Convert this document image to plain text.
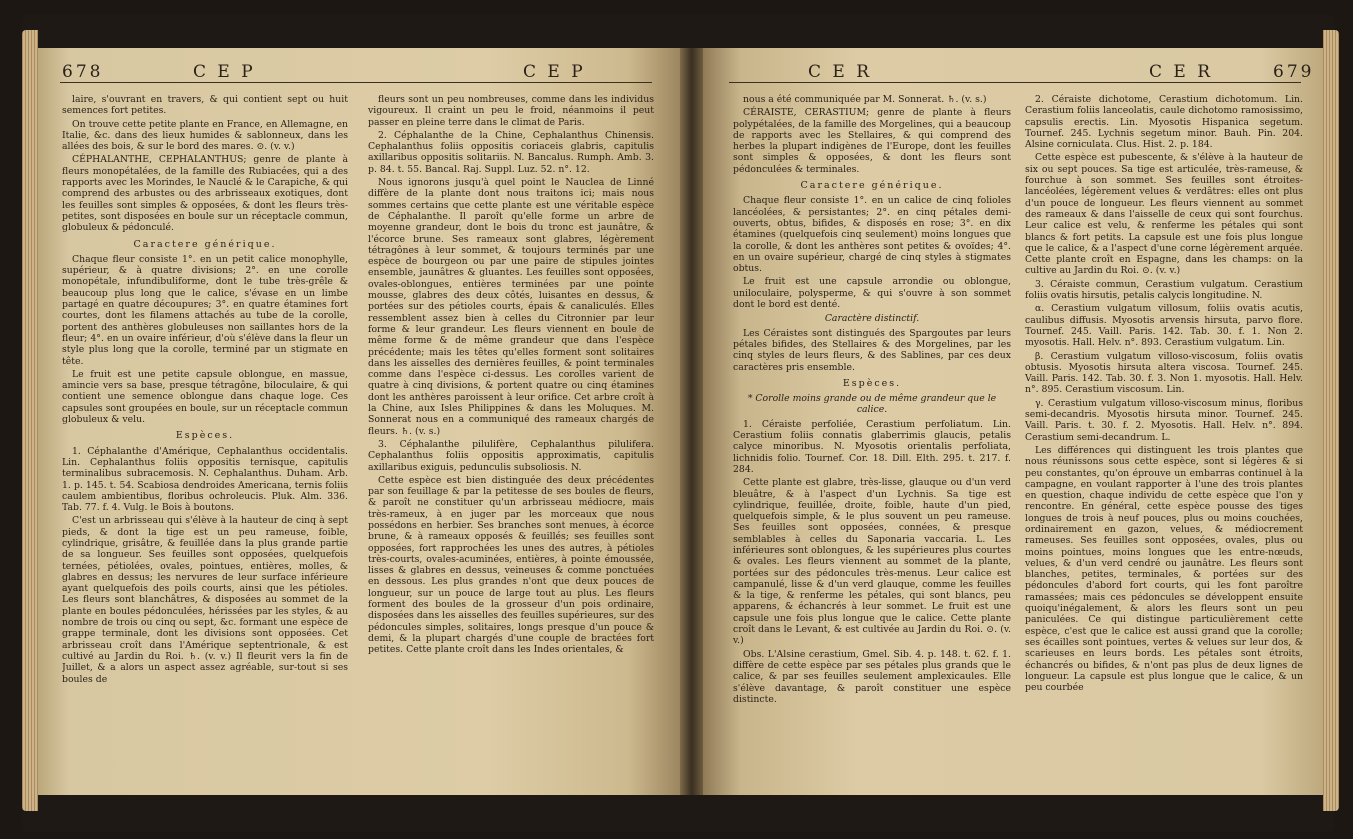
678	C E P	C E P

laire, s'ouvrant en travers, & qui contient sept ou huit semences fort petites.

On trouve cette petite plante en France, en Allemagne, en Italie, &c. dans des lieux humides & sablonneux, dans les allées des bois, & sur le bord des mares. ⊙. (v. v.)

CÉPHALANTHE, CEPHALANTHUS; genre de plante à fleurs monopétalées, de la famille des Rubiacées, qui a des rapports avec les Morindes, le Nauclé & le Carapiche, & qui comprend des arbustes ou des arbrisseaux exotiques, dont les feuilles sont simples & opposées, & dont les fleurs très-petites, sont disposées en boule sur un réceptacle commun, globuleux & pédonculé.

Caractere générique.

Chaque fleur consiste 1°. en un petit calice monophylle, supérieur, & à quatre divisions; 2°. en une corolle monopétale, infundibuliforme, dont le tube très-grêle & beaucoup plus long que le calice, s'évase en un limbe partagé en quatre découpures; 3°. en quatre étamines fort courtes, dont les filamens attachés au tube de la corolle, portent des anthères globuleuses non saillantes hors de la fleur; 4°. en un ovaire inférieur, d'où s'élève dans la fleur un style plus long que la corolle, terminé par un stigmate en tête.

Le fruit est une petite capsule oblongue, en massue, amincie vers sa base, presque tétragône, biloculaire, & qui contient une semence oblongue dans chaque loge. Ces capsules sont groupées en boule, sur un réceptacle commun globuleux & velu.

Espèces.

1. Céphalanthe d'Amérique, Cephalanthus occidentalis. Lin. Cephalanthus foliis oppositis ternisque, capitulis terminalibus subracemosis. N. Cephalanthus. Duham. Arb. 1. p. 145. t. 54. Scabiosa dendroides Americana, ternis foliis caulem ambientibus, floribus ochroleucis. Pluk. Alm. 336. Tab. 77. f. 4. Vulg. le Bois à boutons.

C'est un arbrisseau qui s'élève à la hauteur de cinq à sept pieds, & dont la tige est un peu rameuse, foible, cylindrique, grisâtre, & feuillée dans la plus grande partie de sa longueur. Ses feuilles sont opposées, quelquefois ternées, pétiolées, ovales, pointues, entières, molles, & glabres en dessus; les nervures de leur surface inférieure ayant quelquefois des poils courts, ainsi que les pétioles. Les fleurs sont blanchâtres, & disposées au sommet de la plante en boules pédonculées, hérissées par les styles, & au nombre de trois ou cinq ou sept, &c. formant une espèce de grappe terminale, dont les divisions sont opposées. Cet arbrisseau croît dans l'Amérique septentrionale, & est cultivé au Jardin du Roi. ♄. (v. v.) Il fleurit vers la fin de Juillet, & a alors un aspect assez agréable, sur-tout si ses boules de

fleurs sont un peu nombreuses, comme dans les individus vigoureux. Il craint un peu le froid, néanmoins il peut passer en pleine terre dans le climat de Paris.

2. Céphalanthe de la Chine, Cephalanthus Chinensis. Cephalanthus foliis oppositis coriaceis glabris, capitulis axillaribus oppositis solitariis. N. Bancalus. Rumph. Amb. 3. p. 84. t. 55. Bancal. Raj. Suppl. Luz. 52. n°. 12.

Nous ignorons jusqu'à quel point le Nauclea de Linné diffère de la plante dont nous traitons ici; mais nous sommes certains que cette plante est une véritable espèce de Céphalanthe. Il paroît qu'elle forme un arbre de moyenne grandeur, dont le bois du tronc est jaunâtre, & l'écorce brune. Ses rameaux sont glabres, légèrement tétragônes à leur sommet, & toujours terminés par une espèce de bourgeon ou par une paire de stipules jointes ensemble, jaunâtres & gluantes. Les feuilles sont opposées, ovales-oblongues, entières terminées par une pointe mousse, glabres des deux côtés, luisantes en dessus, & portées sur des pétioles courts, épais & canaliculés. Elles ressemblent assez bien à celles du Citronnier par leur forme & leur grandeur. Les fleurs viennent en boule de même forme & de même grandeur que dans l'espèce précédente; mais les têtes qu'elles forment sont solitaires dans les aisselles des dernières feuilles, & point terminales comme dans l'espèce ci-dessus. Les corolles varient de quatre à cinq divisions, & portent quatre ou cinq étamines dont les anthères paroissent à leur orifice. Cet arbre croît à la Chine, aux Isles Philippines & dans les Moluques. M. Sonnerat nous en a communiqué des rameaux chargés de fleurs. ♄. (v. s.)

3. Céphalanthe pilulifère, Cephalanthus pilulifera. Cephalanthus foliis oppositis approximatis, capitulis axillaribus exiguis, pedunculis subsoliosis. N.

Cette espèce est bien distinguée des deux précédentes par son feuillage & par la petitesse de ses boules de fleurs, & paroît ne constituer qu'un arbrisseau médiocre, mais très-rameux, à en juger par les morceaux que nous possédons en herbier. Ses branches sont menues, à écorce brune, & à rameaux opposés & feuillés; ses feuilles sont opposées, fort rapprochées les unes des autres, à pétioles très-courts, ovales-acuminées, entières, à pointe émoussée, lisses & glabres en dessus, veineuses & comme ponctuées en dessous. Les plus grandes n'ont que deux pouces de longueur, sur un pouce de large tout au plus. Les fleurs forment des boules de la grosseur d'un pois ordinaire, disposées dans les aisselles des feuilles supérieures, sur des pédoncules simples, solitaires, longs presque d'un pouce & demi, & la plupart chargés d'une couple de bractées fort petites. Cette plante croît dans les Indes orientales, &

C E R	C E R	679

nous a été communiquée par M. Sonnerat. ♄. (v. s.)

CÉRAISTE, CERASTIUM; genre de plante à fleurs polypétalées, de la famille des Morgelines, qui a beaucoup de rapports avec les Stellaires, & qui comprend des herbes la plupart indigènes de l'Europe, dont les feuilles sont simples & opposées, & dont les fleurs sont pédonculées & terminales.

Caractere générique.

Chaque fleur consiste 1°. en un calice de cinq folioles lancéolées, & persistantes; 2°. en cinq pétales demi-ouverts, obtus, bifides, & disposés en rose; 3°. en dix étamines (quelquefois cinq seulement) moins longues que la corolle, & dont les anthères sont petites & ovoïdes; 4°. en un ovaire supérieur, chargé de cinq styles à stigmates obtus.

Le fruit est une capsule arrondie ou oblongue, uniloculaire, polysperme, & qui s'ouvre à son sommet dont le bord est denté.

Caractère distinctif.

Les Céraistes sont distingués des Spargoutes par leurs pétales bifides, des Stellaires & des Morgelines, par les cinq styles de leurs fleurs, & des Sablines, par ces deux caractères pris ensemble.

Espèces.

* Corolle moins grande ou de même grandeur que le calice.

1. Céraiste perfoliée, Cerastium perfoliatum. Lin. Cerastium foliis connatis glaberrimis glaucis, petalis calyce minoribus. N. Myosotis orientalis perfoliata, lichnidis folio. Tournef. Cor. 18. Dill. Elth. 295. t. 217. f. 284.

Cette plante est glabre, très-lisse, glauque ou d'un verd bleuâtre, & à l'aspect d'un Lychnis. Sa tige est cylindrique, feuillée, droite, foible, haute d'un pied, quelquefois simple, & le plus souvent un peu rameuse. Ses feuilles sont opposées, connées, & presque semblables à celles du Saponaria vaccaria. L. Les inférieures sont oblongues, & les supérieures plus courtes & ovales. Les fleurs viennent au sommet de la plante, portées sur des pédoncules très-menus. Leur calice est campanulé, lisse & d'un verd glauque, comme les feuilles & la tige, & renferme les pétales, qui sont blancs, peu apparens, & échancrés à leur sommet. Le fruit est une capsule une fois plus longue que le calice. Cette plante croît dans le Levant, & est cultivée au Jardin du Roi. ⊙. (v. v.)

Obs. L'Alsine cerastium, Gmel. Sib. 4. p. 148. t. 62. f. 1. diffère de cette espèce par ses pétales plus grands que le calice, & par ses feuilles seulement amplexicaules. Elle s'élève davantage, & paroît constituer une espèce distincte.

2. Céraiste dichotome, Cerastium dichotomum. Lin. Cerastium foliis lanceolatis, caule dichotomo ramosissimo, capsulis erectis. Lin. Myosotis Hispanica segetum. Tournef. 245. Lychnis segetum minor. Bauh. Pin. 204. Alsine corniculata. Clus. Hist. 2. p. 184.

Cette espèce est pubescente, & s'élève à la hauteur de six ou sept pouces. Sa tige est articulée, très-rameuse, & fourchue à son sommet. Ses feuilles sont étroites-lancéolées, légèrement velues & verdâtres: elles ont plus d'un pouce de longueur. Les fleurs viennent au sommet des rameaux & dans l'aisselle de ceux qui sont fourchus. Leur calice est velu, & renferme les pétales qui sont blancs & fort petits. La capsule est une fois plus longue que le calice, & a l'aspect d'une corne légèrement arquée. Cette plante croît en Espagne, dans les champs: on la cultive au Jardin du Roi. ⊙. (v. v.)

3. Céraiste commun, Cerastium vulgatum. Cerastium foliis ovatis hirsutis, petalis calycis longitudine. N.

α. Cerastium vulgatum villosum, foliis ovatis acutis, caulibus diffusis. Myosotis arvensis hirsuta, parvo flore. Tournef. 245. Vaill. Paris. 142. Tab. 30. f. 1. Non 2. myosotis. Hall. Helv. n°. 893. Cerastium vulgatum. Lin.

β. Cerastium vulgatum villoso-viscosum, foliis ovatis obtusis. Myosotis hirsuta altera viscosa. Tournef. 245. Vaill. Paris. 142. Tab. 30. f. 3. Non 1. myosotis. Hall. Helv. n°. 895. Cerastium viscosum. Lin.

γ. Cerastium vulgatum villoso-viscosum minus, floribus semi-decandris. Myosotis hirsuta minor. Tournef. 245. Vaill. Paris. t. 30. f. 2. Myosotis. Hall. Helv. n°. 894. Cerastium semi-decandrum. L.

Les différences qui distinguent les trois plantes que nous réunissons sous cette espèce, sont si légères & si peu constantes, qu'on éprouve un embarras continuel à la campagne, en voulant rapporter à l'une des trois plantes en question, chaque individu de cette espèce que l'on y rencontre. En général, cette espèce pousse des tiges longues de trois à neuf pouces, plus ou moins couchées, ordinairement en gazon, velues, & médiocrement rameuses. Ses feuilles sont opposées, ovales, plus ou moins pointues, moins longues que les entre-nœuds, velues, & d'un verd cendré ou jaunâtre. Les fleurs sont blanches, petites, terminales, & portées sur des pédoncules d'abord fort courts, qui les font paroître ramassées; mais ces pédoncules se développent ensuite quoiqu'inégalement, & alors les fleurs sont un peu paniculées. Ce qui distingue particulièrement cette espèce, c'est que le calice est aussi grand que la corolle; ses écailles sont pointues, vertes & velues sur leur dos, & scarieuses en leurs bords. Les pétales sont étroits, échancrés ou bifides, & n'ont pas plus de deux lignes de longueur. La capsule est plus longue que le calice, & un peu courbée
